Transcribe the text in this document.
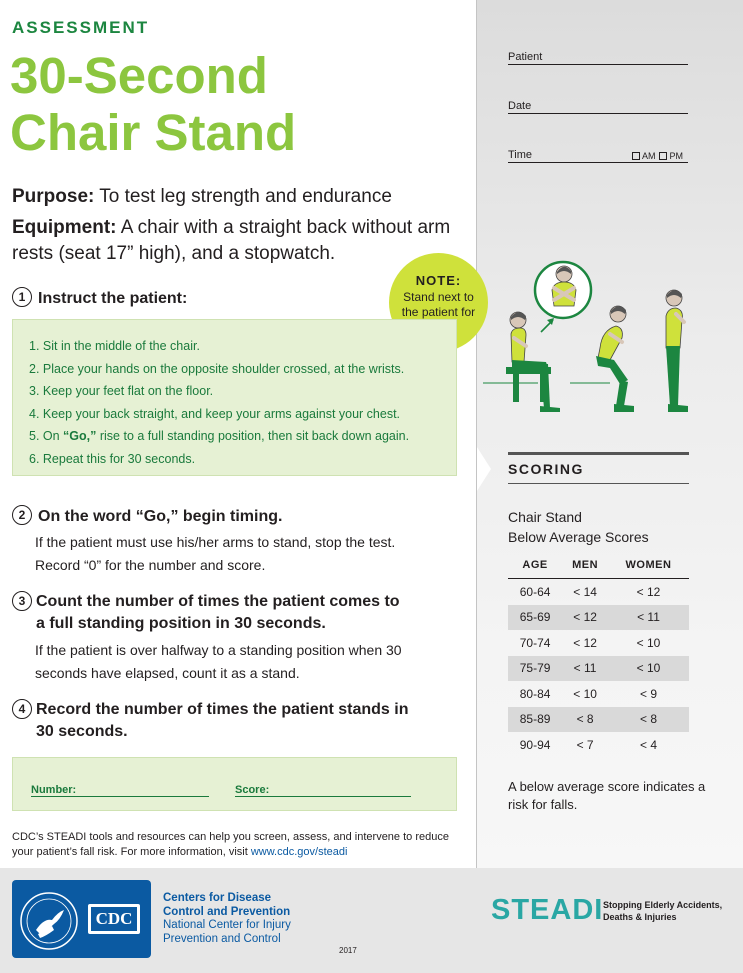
ASSESSMENT
30-Second
Chair Stand
Purpose: To test leg strength and endurance
Equipment: A chair with a straight back without arm rests (seat 17” high), and a stopwatch.
1 Instruct the patient:
NOTE:
Stand next to the patient for
1. Sit in the middle of the chair.
2. Place your hands on the opposite shoulder crossed, at the wrists.
3. Keep your feet flat on the floor.
4. Keep your back straight, and keep your arms against your chest.
5. On “Go,” rise to a full standing position, then sit back down again.
6. Repeat this for 30 seconds.
2 On the word “Go,” begin timing.
If the patient must use his/her arms to stand, stop the test. Record “0” for the number and score.
3 Count the number of times the patient comes to a full standing position in 30 seconds.
If the patient is over halfway to a standing position when 30 seconds have elapsed, count it as a stand.
4 Record the number of times the patient stands in 30 seconds.
Number:	Score:
CDC’s STEADI tools and resources can help you screen, assess, and intervene to reduce your patient’s fall risk. For more information, visit www.cdc.gov/steadi
Patient
Date
Time	AM PM
SCORING
Chair Stand
Below Average Scores
AGE	MEN	WOMEN
60-64	< 14	< 12
65-69	< 12	< 11
70-74	< 12	< 10
75-79	< 11	< 10
80-84	< 10	< 9
85-89	< 8	< 8
90-94	< 7	< 4
A below average score indicates a risk for falls.
CDC
Centers for Disease
Control and Prevention
National Center for Injury
Prevention and Control
2017
STEADI Stopping Elderly Accidents,
Deaths & Injuries
